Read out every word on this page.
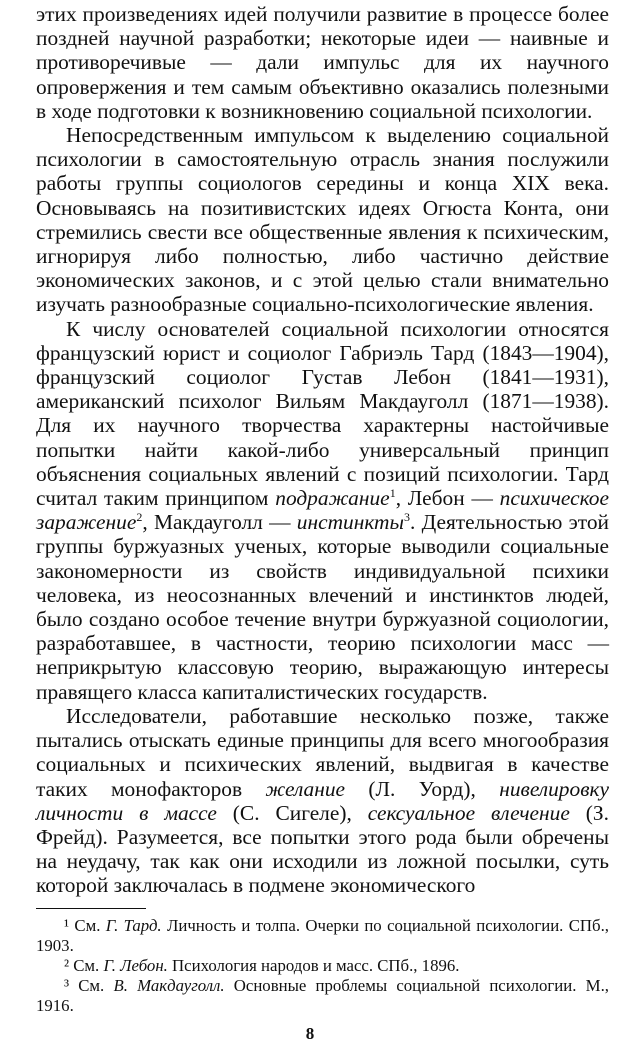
этих произведениях идей получили развитие в процессе более поздней научной разработки; некоторые идеи — наивные и противоречивые — дали импульс для их научного опровержения и тем самым объективно оказались полезными в ходе подготовки к возникновению социальной психологии.

Непосредственным импульсом к выделению социальной психологии в самостоятельную отрасль знания послужили работы группы социологов середины и конца XIX века. Основываясь на позитивистских идеях Огюста Конта, они стремились свести все общественные явления к психическим, игнорируя либо полностью, либо частично действие экономических законов, и с этой целью стали внимательно изучать разнообразные социально-психологические явления.

К числу основателей социальной психологии относятся французский юрист и социолог Габриэль Тард (1843—1904), французский социолог Густав Лебон (1841—1931), американский психолог Вильям Макдауголл (1871—1938). Для их научного творчества характерны настойчивые попытки найти какой-либо универсальный принцип объяснения социальных явлений с позиций психологии. Тард считал таким принципом подражание$^1$, Лебон — психическое заражение$^2$, Макдауголл — инстинкты$^3$. Деятельностью этой группы буржуазных ученых, которые выводили социальные закономерности из свойств индивидуальной психики человека, из неосознанных влечений и инстинктов людей, было создано особое течение внутри буржуазной социологии, разработавшее, в частности, теорию психологии масс — неприкрытую классовую теорию, выражающую интересы правящего класса капиталистических государств.

Исследователи, работавшие несколько позже, также пытались отыскать единые принципы для всего многообразия социальных и психических явлений, выдвигая в качестве таких монофакторов желание (Л. Уорд), нивелировку личности в массе (С. Сигеле), сексуальное влечение (З. Фрейд). Разумеется, все попытки этого рода были обречены на неудачу, так как они исходили из ложной посылки, суть которой заключалась в подмене экономического

¹ См. Г. Тард. Личность и толпа. Очерки по социальной психологии. СПб., 1903.

² См. Г. Лебон. Психология народов и масс. СПб., 1896.

³ См. В. Макдауголл. Основные проблемы социальной психологии. М., 1916.

8
